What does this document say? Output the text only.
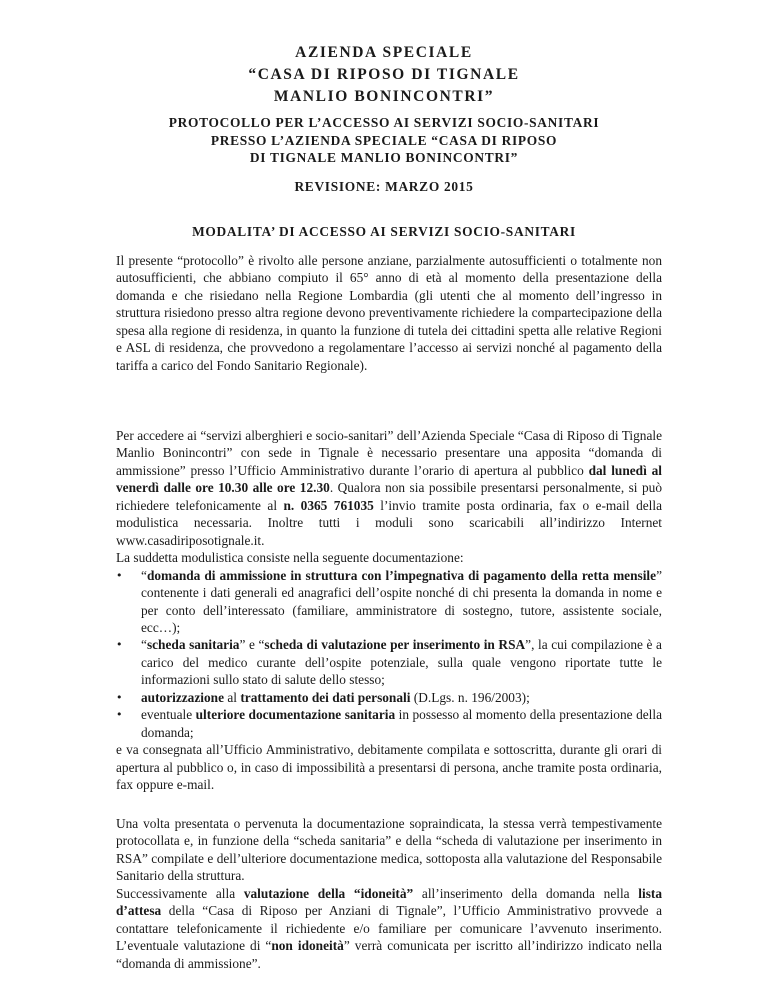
AZIENDA SPECIALE
“CASA DI RIPOSO DI TIGNALE
MANLIO BONINCONTRI”
PROTOCOLLO PER L’ACCESSO AI SERVIZI SOCIO-SANITARI
PRESSO L’AZIENDA SPECIALE “CASA DI RIPOSO
DI TIGNALE MANLIO BONINCONTRI”

REVISIONE: MARZO 2015

MODALITA’ DI ACCESSO AI SERVIZI SOCIO-SANITARI

Il presente “protocollo” è rivolto alle persone anziane, parzialmente autosufficienti o totalmente non autosufficienti, che abbiano compiuto il 65° anno di età al momento della presentazione della domanda e che risiedano nella Regione Lombardia (gli utenti che al momento dell’ingresso in struttura risiedono presso altra regione devono preventivamente richiedere la compartecipazione della spesa alla regione di residenza, in quanto la funzione di tutela dei cittadini spetta alle relative Regioni e ASL di residenza, che provvedono a regolamentare l’accesso ai servizi nonché al pagamento della tariffa a carico del Fondo Sanitario Regionale).

Per accedere ai “servizi alberghieri e socio-sanitari” dell’Azienda Speciale “Casa di Riposo di Tignale Manlio Bonincontri” con sede in Tignale è necessario presentare una apposita “domanda di ammissione” presso l’Ufficio Amministrativo durante l’orario di apertura al pubblico dal lunedì al venerdì dalle ore 10.30 alle ore 12.30. Qualora non sia possibile presentarsi personalmente, si può richiedere telefonicamente al n. 0365 761035 l’invio tramite posta ordinaria, fax o e-mail della modulistica necessaria. Inoltre tutti i moduli sono scaricabili all’indirizzo Internet www.casadiriposotignale.it.
La suddetta modulistica consiste nella seguente documentazione:
•	“domanda di ammissione in struttura con l’impegnativa di pagamento della retta mensile” contenente i dati generali ed anagrafici dell’ospite nonché di chi presenta la domanda in nome e per conto dell’interessato (familiare, amministratore di sostegno, tutore, assistente sociale, ecc…);
•	“scheda sanitaria” e “scheda di valutazione per inserimento in RSA”, la cui compilazione è a carico del medico curante dell’ospite potenziale, sulla quale vengono riportate tutte le informazioni sullo stato di salute dello stesso;
•	autorizzazione al trattamento dei dati personali (D.Lgs. n. 196/2003);
•	eventuale ulteriore documentazione sanitaria in possesso al momento della presentazione della domanda;
e va consegnata all’Ufficio Amministrativo, debitamente compilata e sottoscritta, durante gli orari di apertura al pubblico o, in caso di impossibilità a presentarsi di persona, anche tramite posta ordinaria, fax oppure e-mail.
Una volta presentata o pervenuta la documentazione sopraindicata, la stessa verrà tempestivamente protocollata e, in funzione della “scheda sanitaria” e della “scheda di valutazione per inserimento in RSA” compilate e dell’ulteriore documentazione medica, sottoposta alla valutazione del Responsabile Sanitario della struttura.
Successivamente alla valutazione della “idoneità” all’inserimento della domanda nella lista d’attesa della “Casa di Riposo per Anziani di Tignale”, l’Ufficio Amministrativo provvede a contattare telefonicamente il richiedente e/o familiare per comunicare l’avvenuto inserimento. L’eventuale valutazione di “non idoneità” verrà comunicata per iscritto all’indirizzo indicato nella “domanda di ammissione”.
